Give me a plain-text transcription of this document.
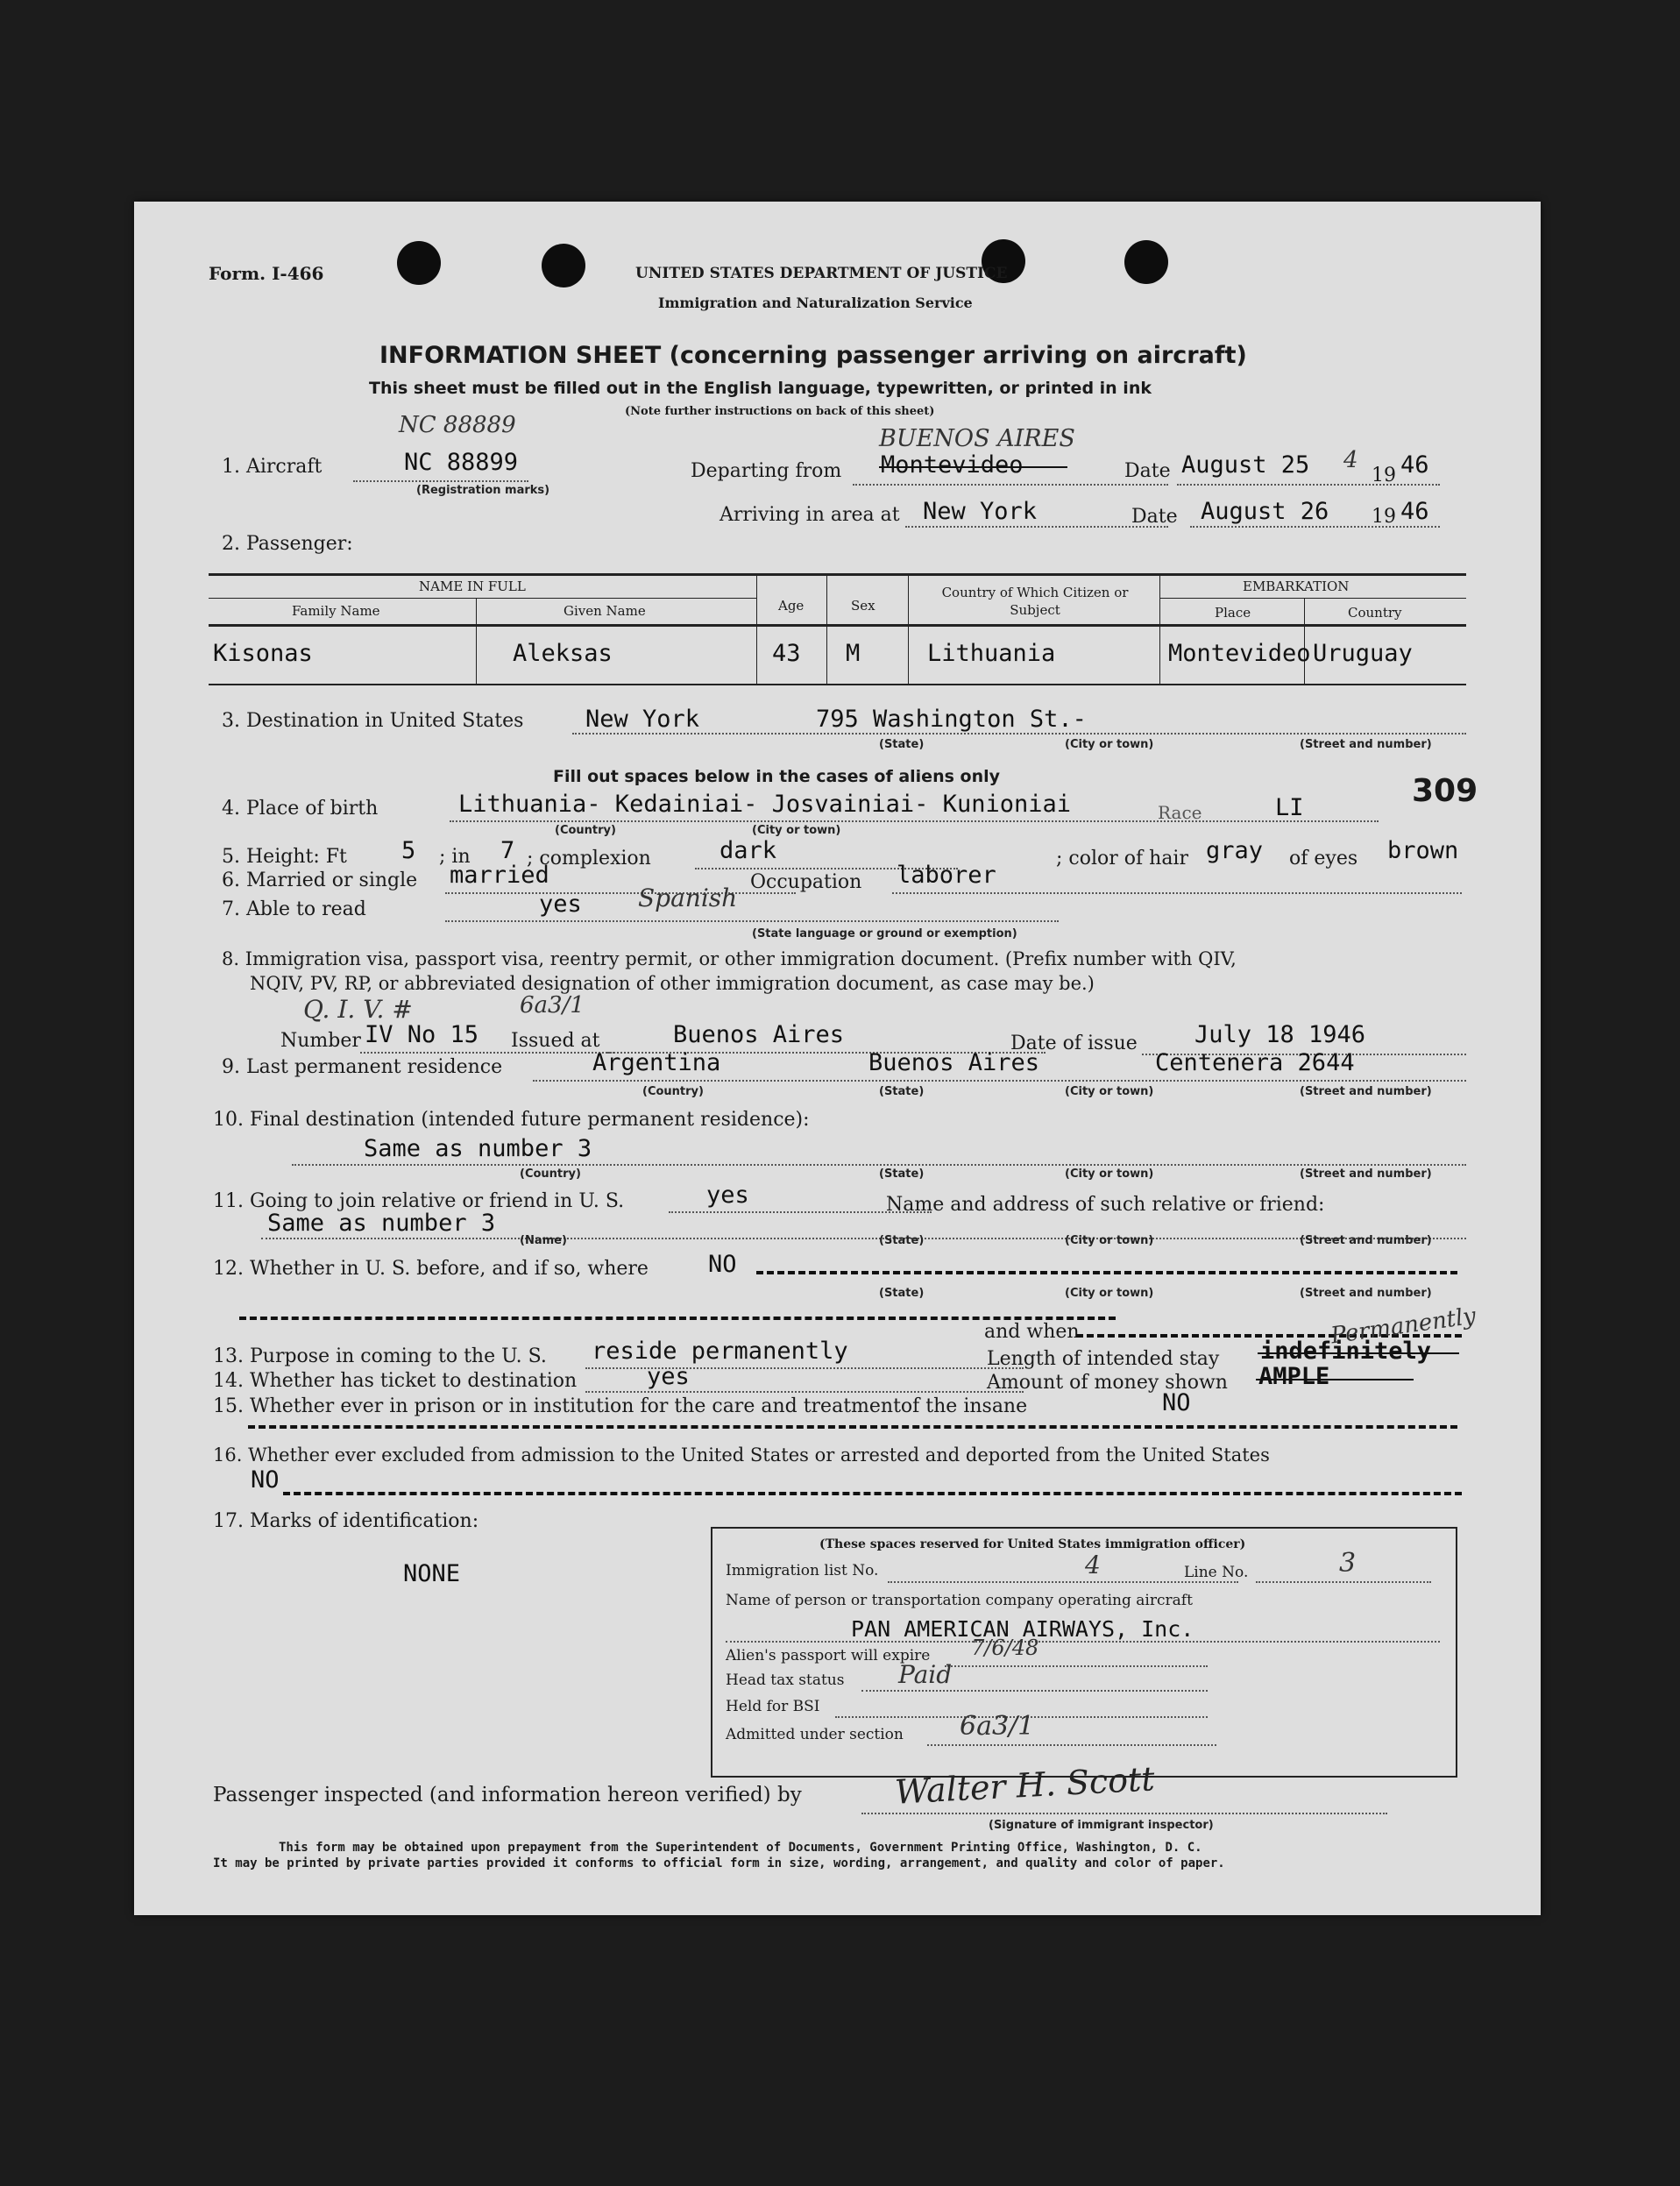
Form. I-466	UNITED STATES DEPARTMENT OF JUSTICE
Immigration and Naturalization Service
INFORMATION SHEET (concerning passenger arriving on aircraft)
This sheet must be filled out in the English language, typewritten, or printed in ink
(Note further instructions on back of this sheet)
NC 88889
1. Aircraft	NC 88899
(Registration marks)
Departing from Montevideo
BUENOS AIRES
Date August 25 4
19 46
Arriving in area at New York	Date August 26 19 46
2. Passenger:
NAME IN FULL
Family Name	Given Name	Age	Sex
Country of Which Citizen or Subject
EMBARKATION
Place	Country
Kisonas	Aleksas	43 M	Lithuania	Montevideo Uruguay
3. Destination in United States	New York	795 Washington St.-
(State)	(City or town)	(Street and number)
Fill out spaces below in the cases of aliens only
4. Place of birth	Lithuania- Kedainiai- Josvainiai- Kunioniai	Race	LI	309
(Country)	(City or town)
5. Height: Ft 5 ; in 7 ; complexion	dark	; color of hair gray of eyes brown
6. Married or single married	Occupation laborer
7. Able to read	yes Spanish
(State language or ground or exemption)
8. Immigration visa, passport visa, reentry permit, or other immigration document. (Prefix number with QIV,
NQIV, PV, RP, or abbreviated designation of other immigration document, as case may be.)
Q. I. V. #	6a3/1
Number IV No 15 Issued at	Buenos Aires	Date of issue July 18 1946
9. Last permanent residence	Argentina	Buenos Aires	Centenera 2644
(Country)	(State)	(City or town)	(Street and number)
10. Final destination (intended future permanent residence):
Same as number 3
(Country)	(State)	(City or town)	(Street and number)
11. Going to join relative or friend in U. S.	yes	Name and address of such relative or friend:
Same as number 3
(Name)	(State)	(City or town)	(Street and number)
12. Whether in U. S. before, and if so, where	NO
(State)	(City or town)	(Street and number)
and when
13. Purpose in coming to the U. S. reside permanently	Length of intended stay indefinitely
Permanently
14. Whether has ticket to destination	yes	Amount of money shown AMPLE
15. Whether ever in prison or in institution for the care and treatmentof the insane	NO
16. Whether ever excluded from admission to the United States or arrested and deported from the United States
NO
17. Marks of identification:
NONE
(These spaces reserved for United States immigration officer)
Immigration list No.	4	Line No.	3
Name of person or transportation company operating aircraft
PAN AMERICAN AIRWAYS, Inc.
Alien's passport will expire 7/6/48
Head tax status Paid
Held for BSI
Admitted under section 6a3/1
Passenger inspected (and information hereon verified) by	Walter H. Scott
(Signature of immigrant inspector)
This form may be obtained upon prepayment from the Superintendent of Documents, Government Printing Office, Washington, D. C.
It may be printed by private parties provided it conforms to official form in size, wording, arrangement, and quality and color of paper.
